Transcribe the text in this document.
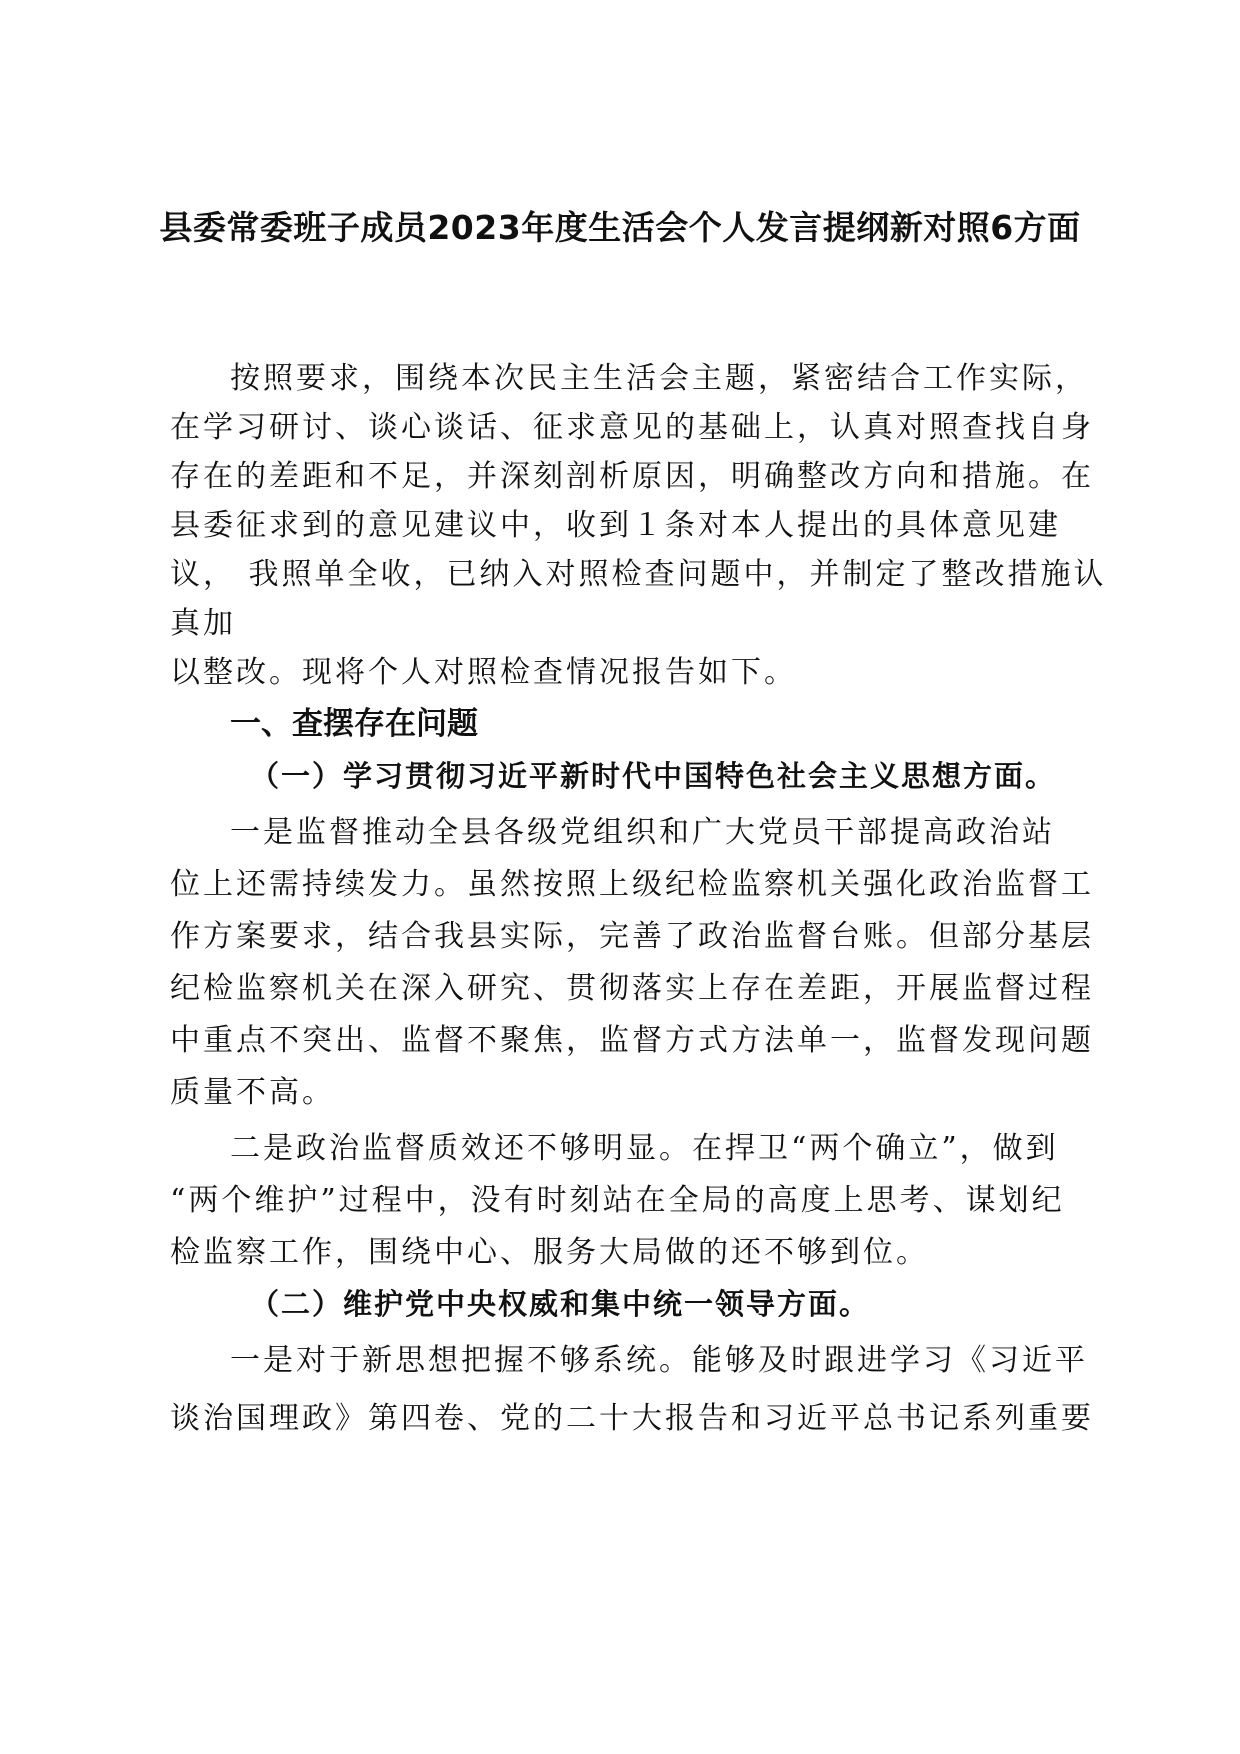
县委常委班子成员2023年度生活会个人发言提纲新对照6方面
按照要求，围绕本次民主生活会主题，紧密结合工作实际，
在学习研讨、谈心谈话、征求意见的基础上，认真对照查找自身
存在的差距和不足，并深刻剖析原因，明确整改方向和措施。在
县委征求到的意见建议中，收到１条对本人提出的具体意见建
议， 我照单全收，已纳入对照检查问题中，并制定了整改措施认
真加
以整改。现将个人对照检查情况报告如下。
一、查摆存在问题
（一）学习贯彻习近平新时代中国特色社会主义思想方面。
一是监督推动全县各级党组织和广大党员干部提高政治站
位上还需持续发力。虽然按照上级纪检监察机关强化政治监督工
作方案要求，结合我县实际，完善了政治监督台账。但部分基层
纪检监察机关在深入研究、贯彻落实上存在差距，开展监督过程
中重点不突出、监督不聚焦，监督方式方法单一，监督发现问题
质量不高。
二是政治监督质效还不够明显。在捍卫“两个确立”，做到
“两个维护”过程中，没有时刻站在全局的高度上思考、谋划纪
检监察工作，围绕中心、服务大局做的还不够到位。
（二）维护党中央权威和集中统一领导方面。
一是对于新思想把握不够系统。能够及时跟进学习《习近平
谈治国理政》第四卷、党的二十大报告和习近平总书记系列重要
